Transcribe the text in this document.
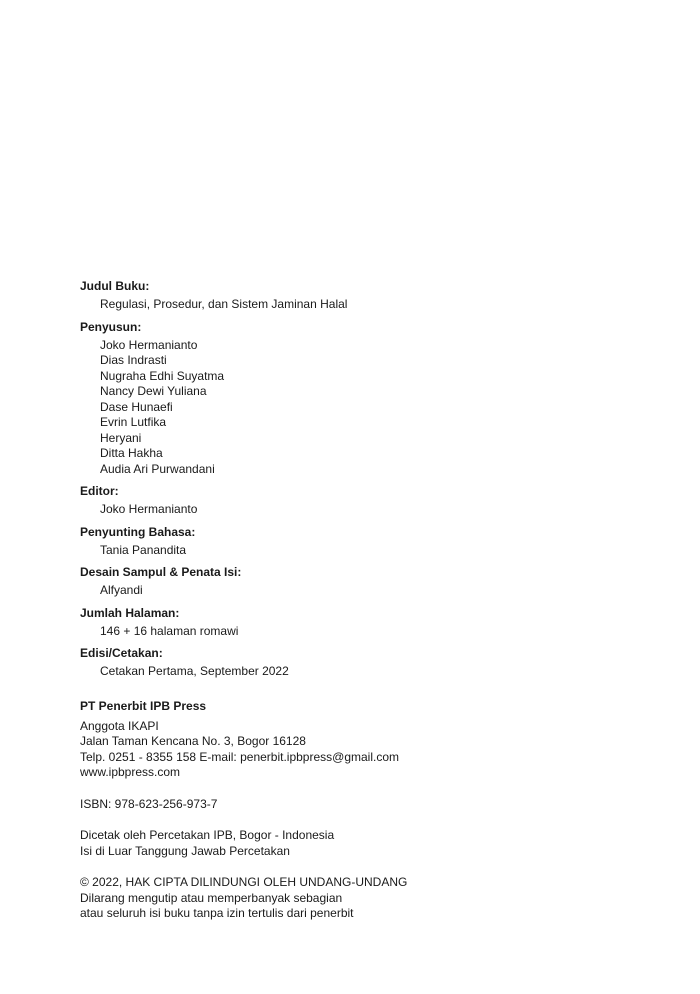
Judul Buku:
Regulasi, Prosedur, dan Sistem Jaminan Halal
Penyusun:
Joko Hermanianto
Dias Indrasti
Nugraha Edhi Suyatma
Nancy Dewi Yuliana
Dase Hunaefi
Evrin Lutfika
Heryani
Ditta Hakha
Audia Ari Purwandani
Editor:
Joko Hermanianto
Penyunting Bahasa:
Tania Panandita
Desain Sampul & Penata Isi:
Alfyandi
Jumlah Halaman:
146 + 16 halaman romawi
Edisi/Cetakan:
Cetakan Pertama, September 2022
PT Penerbit IPB Press
Anggota IKAPI
Jalan Taman Kencana No. 3, Bogor 16128
Telp. 0251 - 8355 158 E-mail: penerbit.ipbpress@gmail.com
www.ipbpress.com
ISBN: 978-623-256-973-7
Dicetak oleh Percetakan IPB, Bogor - Indonesia
Isi di Luar Tanggung Jawab Percetakan
© 2022, HAK CIPTA DILINDUNGI OLEH UNDANG-UNDANG
Dilarang mengutip atau memperbanyak sebagian
atau seluruh isi buku tanpa izin tertulis dari penerbit
